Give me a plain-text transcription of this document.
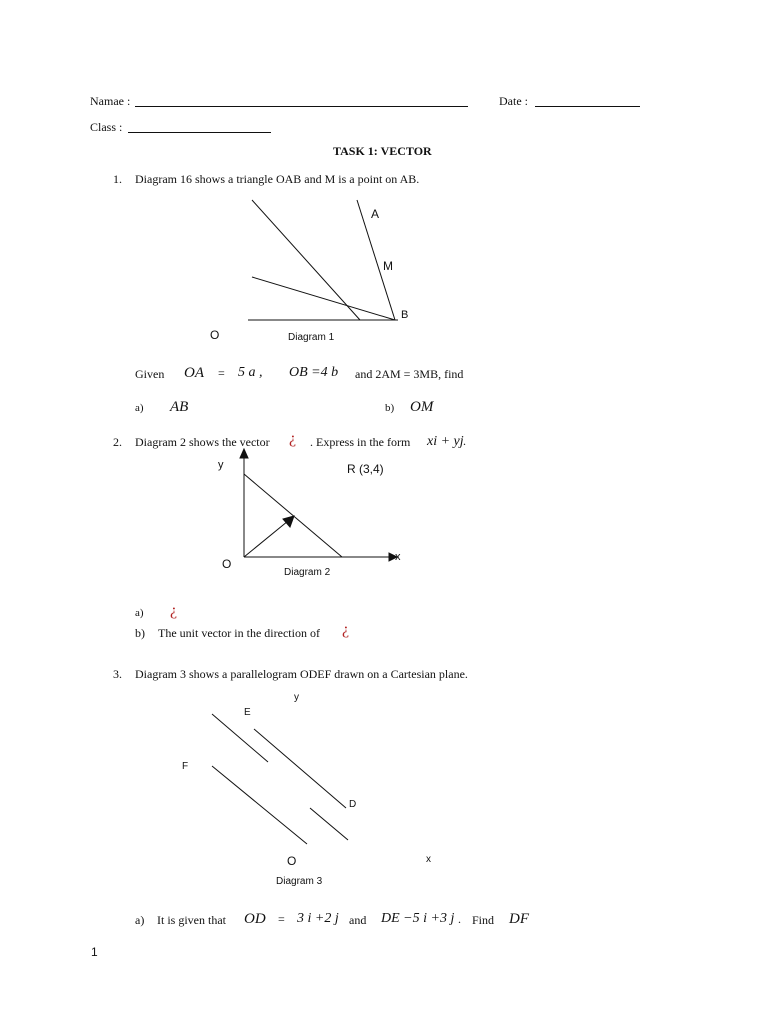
Namae :	Date :
Class :
TASK 1: VECTOR
1. Diagram 16 shows a triangle OAB and M is a point on AB.
A
M
B
O	Diagram 1
Given OA = 5 a , OB =4 b and 2AM = 3MB, find
a) AB	b) OM
2. Diagram 2 shows the vector ¿ . Express in the form xi + yj .
y	R (3,4)
O	x
Diagram 2
a) ¿
b) The unit vector in the direction of ¿
3. Diagram 3 shows a parallelogram ODEF drawn on a Cartesian plane.
y
E
F
D
O	x
Diagram 3
a) It is given that OD = 3 i +2 j and DE −5 i +3 j . Find DF
1
